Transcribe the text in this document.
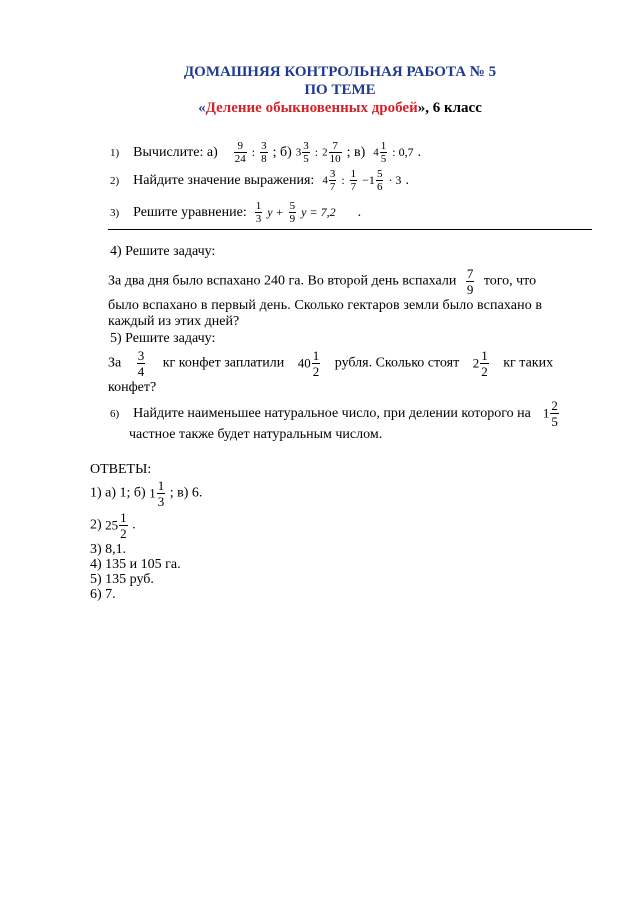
ДОМАШНЯЯ КОНТРОЛЬНАЯ РАБОТА № 5
ПО ТЕМЕ
«Деление обыкновенных дробей», 6 класс
1) Вычислите: $а) \frac{9}{24}$ : $\frac{3}{8}$ ; б) $3 \frac{3}{5}$ : $2 \frac{7}{10}$ ; в) $4 \frac{1}{5}$ : 0,7 .
2) Найдите значение выражения: $4 \frac{3}{7}$ : $\frac{1}{7} -1 \frac{5}{6} \cdot 3$ .
3) Решите уравнение: $\frac{1}{3}$ $y + \frac{5}{9}$ y = 7,2 .
4) Решите задачу:
За два дня было вспахано 240 га. Во второй день вспахали $\frac{7}{9}$ того, что
было вспахано в первый день. Сколько гектаров земли было вспахано в
каждый из этих дней?
5) Решите задачу:
За $\frac{3}{4}$ кг конфет заплатили $40 \frac{1}{2}$ рубля. Сколько стоят $2 \frac{1}{2}$ кг таких
конфет?
6) Найдите наименьшее натуральное число, при делении которого на $1 \frac{2}{5}$
частное также будет натуральным числом.
ОТВЕТЫ:
1) а) 1; б) $1 \frac{1}{3}$ ; в) 6.
2) $25 \frac{1}{2}$ .
3) 8,1.
4) 135 и 105 га.
5) 135 руб.
6) 7.
